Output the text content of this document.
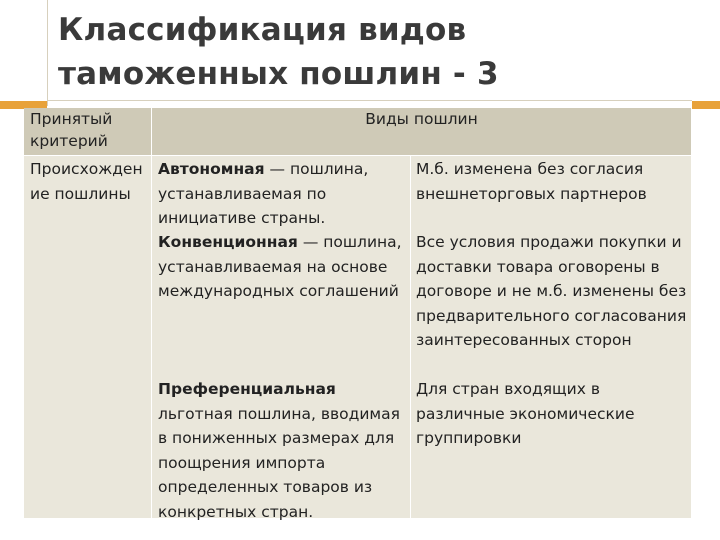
Классификация видов
таможенных пошлин - 3
Принятый критерий
Виды пошлин
Происхождение пошлины
Автономная — пошлина, устанавливаемая по инициативе страны.
Конвенционная — пошлина, устанавливаемая на основе международных соглашений
Преференциальная льготная пошлина, вводимая в пониженных размерах для поощрения импорта определенных товаров из конкретных стран.
М.б. изменена без согласия внешнеторговых партнеров
Все условия продажи покупки и доставки товара оговорены в договоре и не м.б. изменены без предварительного согласования заинтересованных сторон
Для стран входящих в различные экономические группировки
